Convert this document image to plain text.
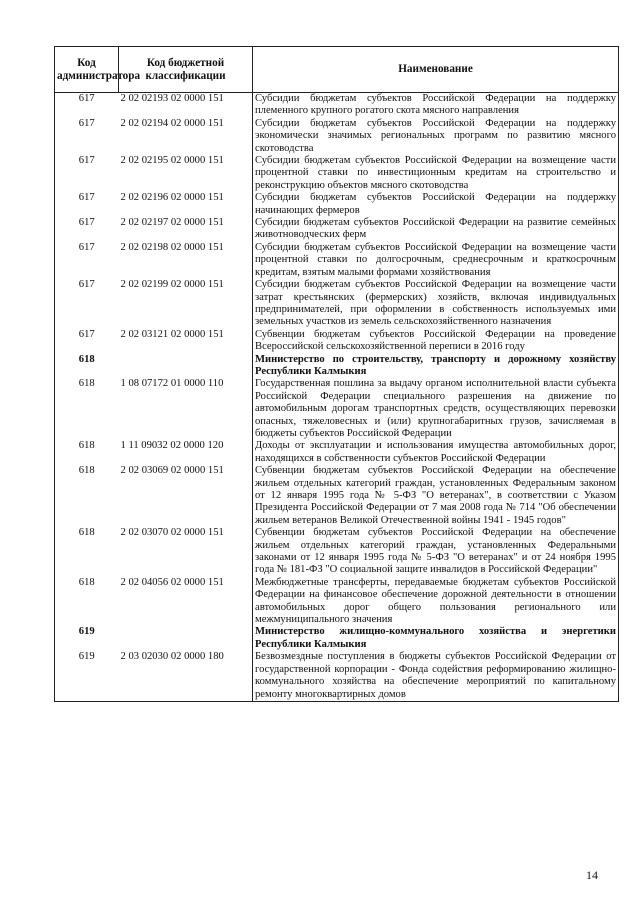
Код администратора	Код бюджетной классификации	Наименование
617	2 02 02193 02 0000 151	Субсидии бюджетам субъектов Российской Федерации на поддержку племенного крупного рогатого скота мясного направления
617	2 02 02194 02 0000 151	Субсидии бюджетам субъектов Российской Федерации на поддержку экономически значимых региональных программ по развитию мясного скотоводства
617	2 02 02195 02 0000 151	Субсидии бюджетам субъектов Российской Федерации на возмещение части процентной ставки по инвестиционным кредитам на строительство и реконструкцию объектов мясного скотоводства
617	2 02 02196 02 0000 151	Субсидии бюджетам субъектов Российской Федерации на поддержку начинающих фермеров
617	2 02 02197 02 0000 151	Субсидии бюджетам субъектов Российской Федерации на развитие семейных животноводческих ферм
617	2 02 02198 02 0000 151	Субсидии бюджетам субъектов Российской Федерации на возмещение части процентной ставки по долгосрочным, среднесрочным и краткосрочным кредитам, взятым малыми формами хозяйствования
617	2 02 02199 02 0000 151	Субсидии бюджетам субъектов Российской Федерации на возмещение части затрат крестьянских (фермерских) хозяйств, включая индивидуальных предпринимателей, при оформлении в собственность используемых ими земельных участков из земель сельскохозяйственного назначения
617	2 02 03121 02 0000 151	Субвенции бюджетам субъектов Российской Федерации на проведение Всероссийской сельскохозяйственной переписи в 2016 году
618		Министерство по строительству, транспорту и дорожному хозяйству Республики Калмыкия
618	1 08 07172 01 0000 110	Государственная пошлина за выдачу органом исполнительной власти субъекта Российской Федерации специального разрешения на движение по автомобильным дорогам транспортных средств, осуществляющих перевозки опасных, тяжеловесных и (или) крупногабаритных грузов, зачисляемая в бюджеты субъектов Российской Федерации
618	1 11 09032 02 0000 120	Доходы от эксплуатации и использования имущества автомобильных дорог, находящихся в собственности субъектов Российской Федерации
618	2 02 03069 02 0000 151	Субвенции бюджетам субъектов Российской Федерации на обеспечение жильем отдельных категорий граждан, установленных Федеральным законом от 12 января 1995 года № 5-ФЗ "О ветеранах", в соответствии с Указом Президента Российской Федерации от 7 мая 2008 года № 714 "Об обеспечении жильем ветеранов Великой Отечественной войны 1941 - 1945 годов"
618	2 02 03070 02 0000 151	Субвенции бюджетам субъектов Российской Федерации на обеспечение жильем отдельных категорий граждан, установленных Федеральными законами от 12 января 1995 года № 5-ФЗ "О ветеранах" и от 24 ноября 1995 года № 181-ФЗ "О социальной защите инвалидов в Российской Федерации"
618	2 02 04056 02 0000 151	Межбюджетные трансферты, передаваемые бюджетам субъектов Российской Федерации на финансовое обеспечение дорожной деятельности в отношении автомобильных дорог общего пользования регионального или межмуниципального значения
619		Министерство жилищно-коммунального хозяйства и энергетики Республики Калмыкия
619	2 03 02030 02 0000 180	Безвозмездные поступления в бюджеты субъектов Российской Федерации от государственной корпорации - Фонда содействия реформированию жилищно-коммунального хозяйства на обеспечение мероприятий по капитальному ремонту многоквартирных домов
14
